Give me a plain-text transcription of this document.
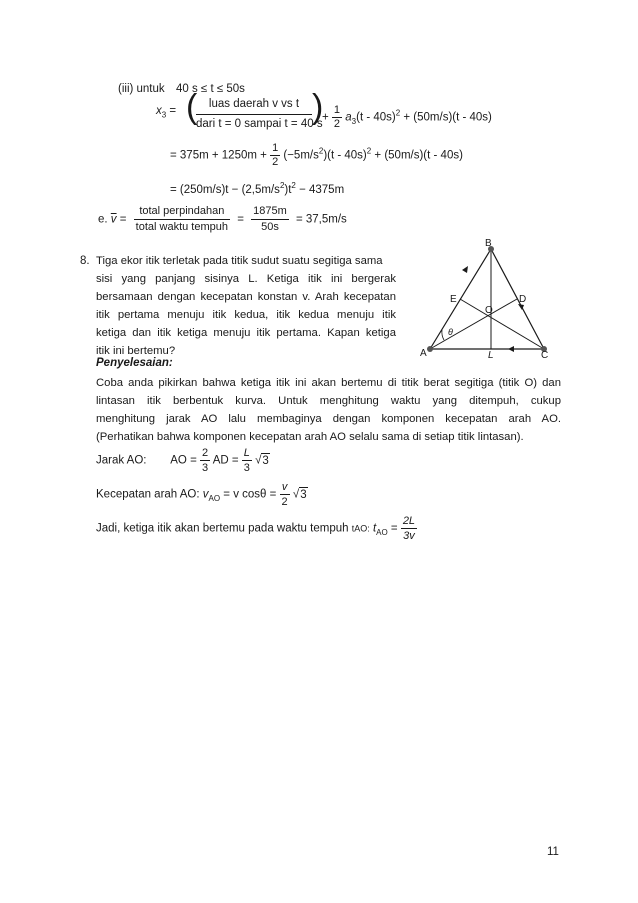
(iii) untuk 40 s ≤ t ≤ 50s
$x_3$ = (	luas daerah v vs t
dari t = 0 sampai t = 40 s
)
+ $\frac{1}{2} a_3(t - 40s)^2 + (50m/s)(t - 40s)$
= $375m + 1250m + \frac{1}{2} (-5m/s^2)(t - 40s)^2 + (50m/s)(t - 40s)$
= $(250m/s)t - (2,5m/s^2)t^2 - 4375m$
e. $\overline{v} = \frac{\text{total perpindahan}}{\text{total waktu tempuh}} = \frac{1875m}{50s} = 37,5m/s$
8. Tiga ekor itik terletak pada titik sudut suatu segitiga sama
sisi yang panjang sisinya L. Ketiga itik ini bergerak
bersamaan dengan kecepatan konstan v. Arah kecepatan
itik pertama menuju itik kedua, itik kedua menuju itik
ketiga dan itik ketiga menuju itik pertama. Kapan ketiga
itik ini bertemu?
B
A	C
D
E
O
L
θ
Penyelesaian:
Coba anda pikirkan bahwa ketiga itik ini akan bertemu di titik berat segitiga (titik O) dan
lintasan itik berbentuk kurva. Untuk menghitung waktu yang ditempuh, cukup
menghitung jarak AO lalu membaginya dengan komponen kecepatan arah AO.
(Perhatikan bahwa komponen kecepatan arah AO selalu sama di setiap titik lintasan).
Jarak AO: AO = $\frac{2}{3}$ AD = $\frac{L}{3} √3$
Kecepatan arah AO: $v_{AO} = v$ $\cos\theta = \frac{v}{2} √3$
Jadi, ketiga itik akan bertemu pada waktu tempuh tAO: $t_{AO} = \frac{2L}{3v}$
11
